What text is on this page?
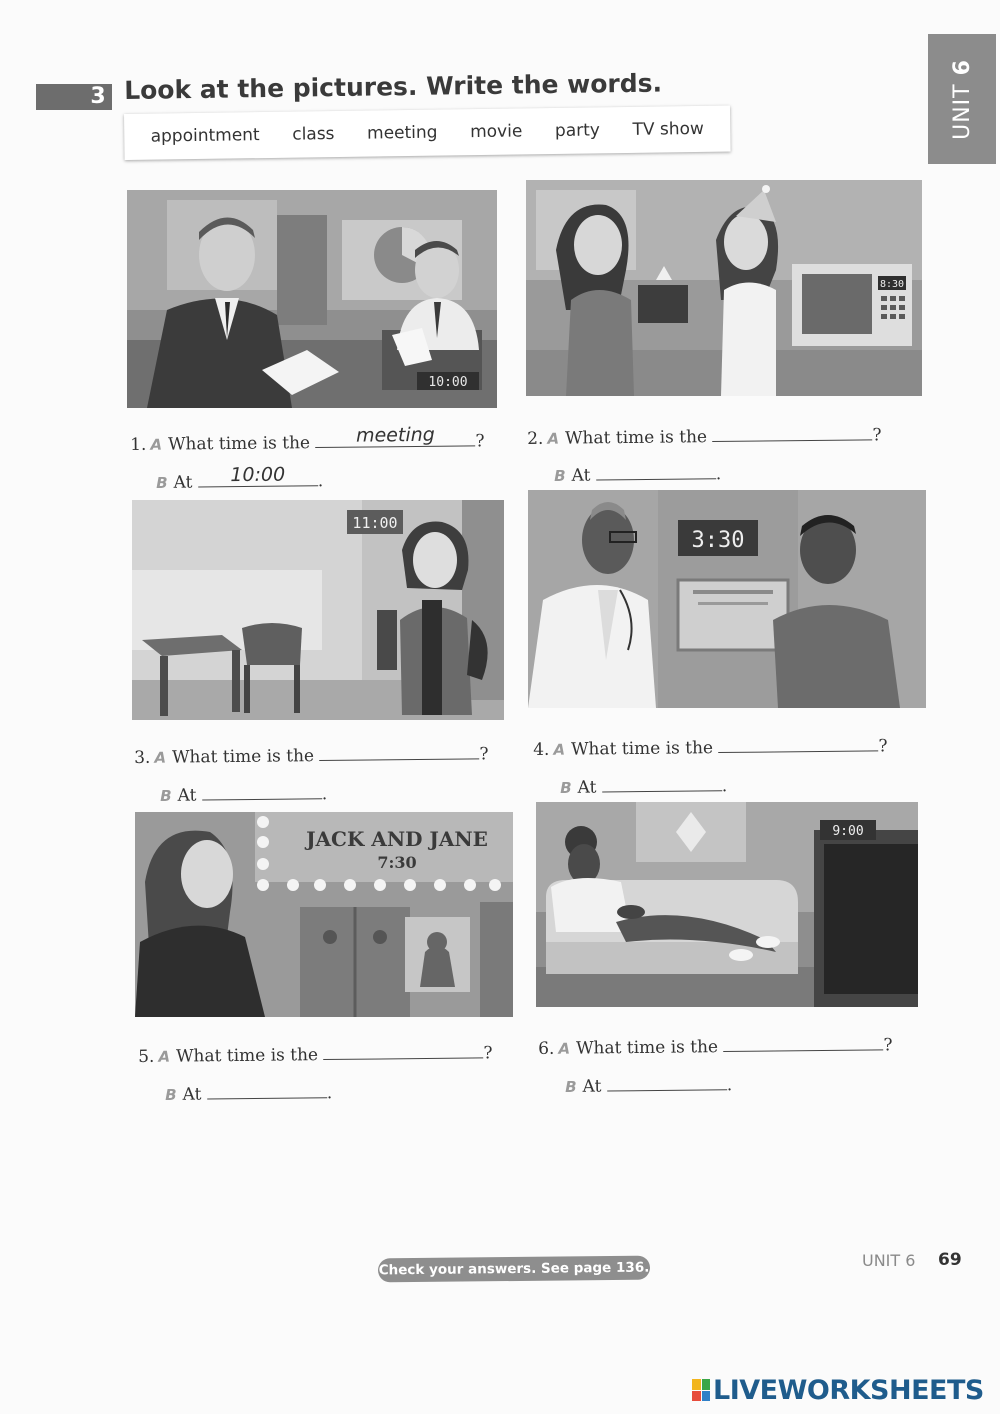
3 Look at the pictures. Write the words.
appointment class meeting movie party TV show	UNIT 6
10:00
8:30
11:00
3:30
JACK AND JANE
7:30
9:00
1. A What time is the	meeting	?
B At	10:00	.
2. A What time is the	?
B At	.
3. A What time is the	?
B At	.
4. A What time is the	?
B At	.
5. A What time is the	?
B At	.
6. A What time is the	?
B At	.
Check your answers. See page 136.	UNIT 6 69
LIVEWORKSHEETS
